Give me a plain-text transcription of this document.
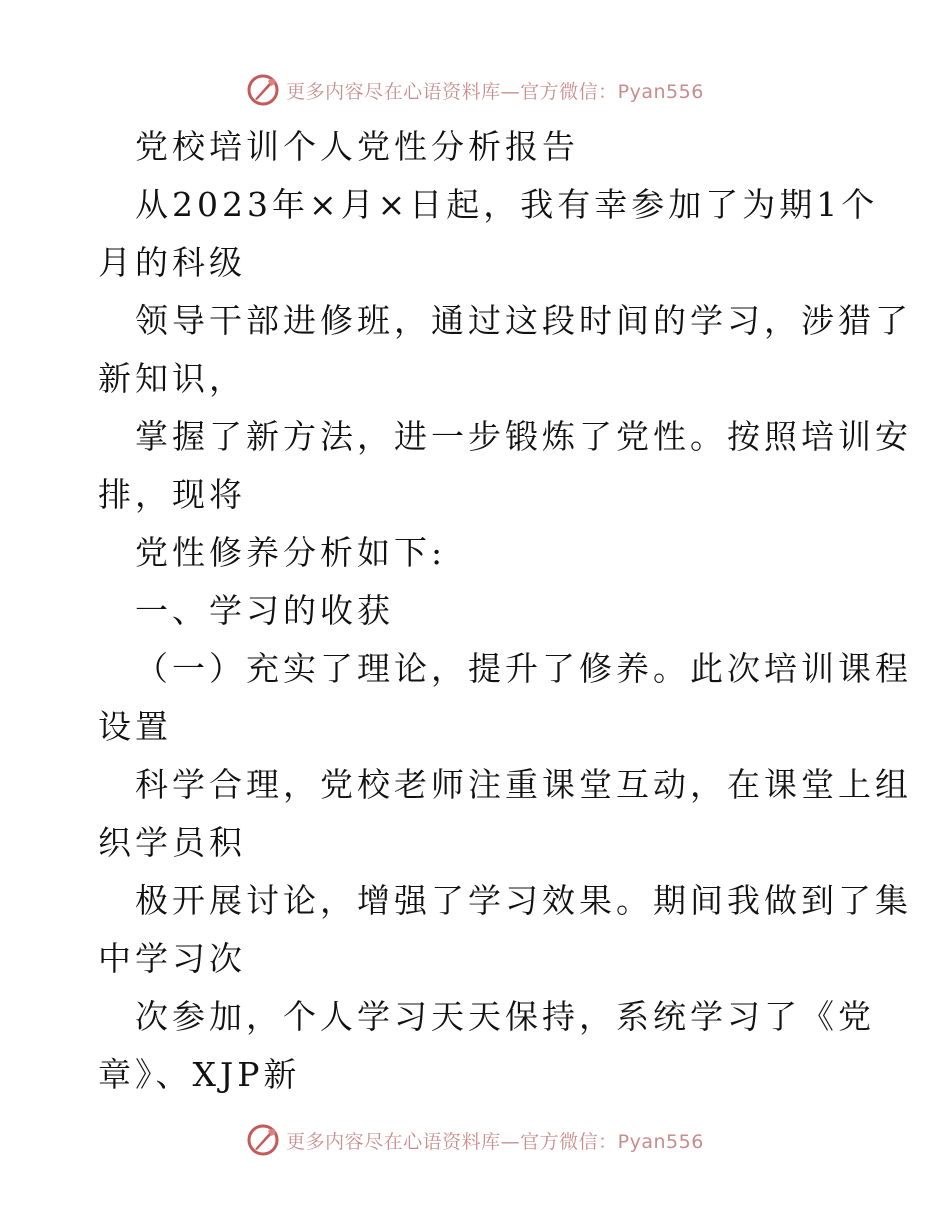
更多内容尽在心语资料库—官方微信：Pyan556
党校培训个人党性分析报告
从2023年×月×日起，我有幸参加了为期1个
月的科级
领导干部进修班，通过这段时间的学习，涉猎了
新知识，
掌握了新方法，进一步锻炼了党性。按照培训安
排，现将
党性修养分析如下:
一、学习的收获
（一）充实了理论，提升了修养。此次培训课程
设置
科学合理，党校老师注重课堂互动，在课堂上组
织学员积
极开展讨论，增强了学习效果。期间我做到了集
中学习次
次参加，个人学习天天保持，系统学习了《党
章》、XJP新
更多内容尽在心语资料库—官方微信：Pyan556
